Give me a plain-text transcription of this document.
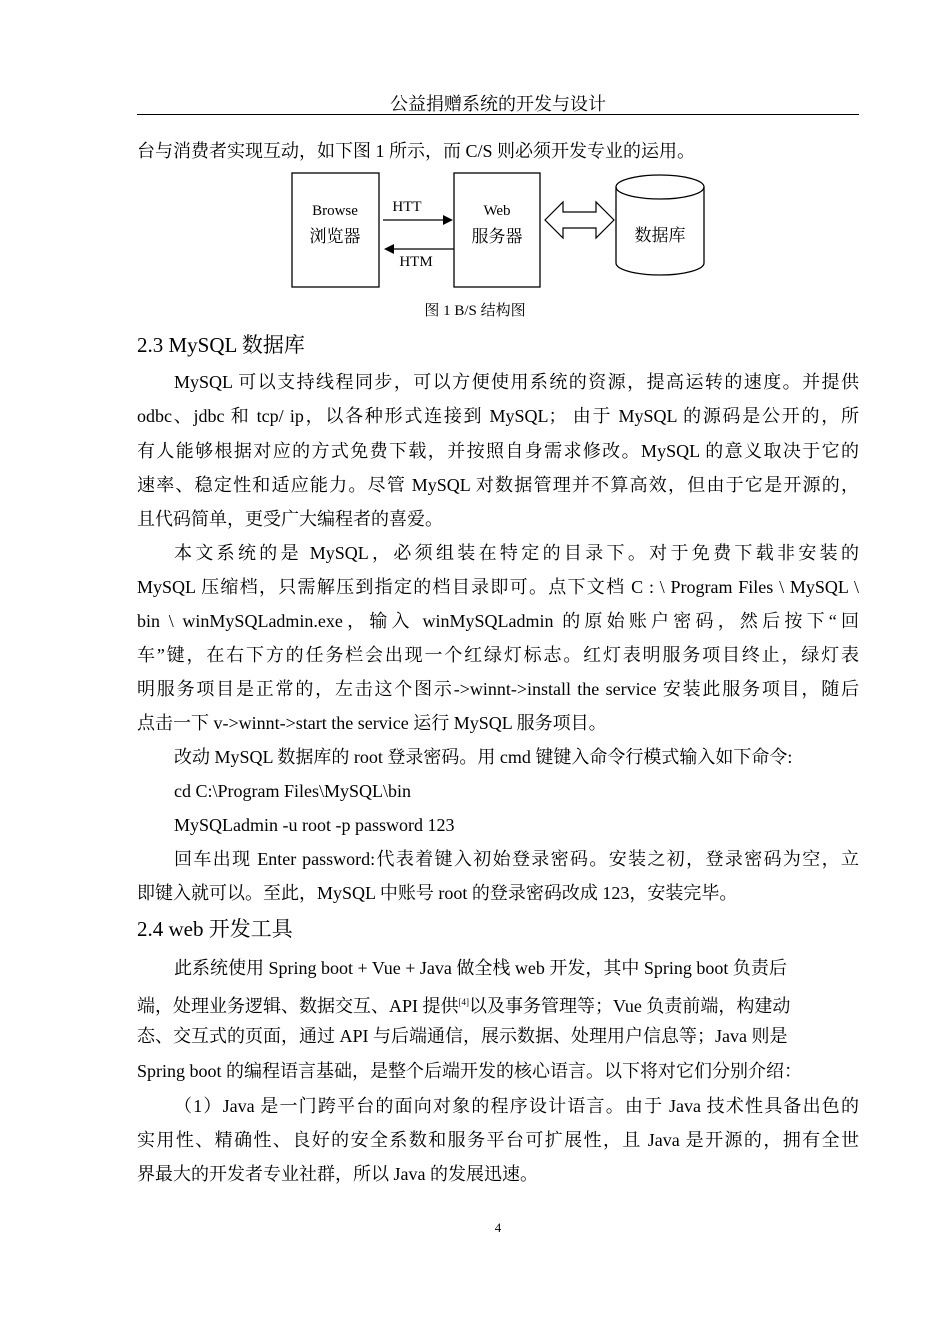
公益捐赠系统的开发与设计
台与消费者实现互动，如下图 1 所示，而 C/S 则必须开发专业的运用。
Browse
浏览器
HTT
HTM
Web
服务器	数据库
图 1 B/S 结构图
2.3 MySQL 数据库
MySQL 可以支持线程同步，可以方便使用系统的资源，提高运转的速度。并提供
odbc、jdbc 和 tcp/ ip，以各种形式连接到 MySQL； 由于 MySQL 的源码是公开的，所
有人能够根据对应的方式免费下载，并按照自身需求修改。MySQL 的意义取决于它的
速率、稳定性和适应能力。尽管 MySQL 对数据管理并不算高效，但由于它是开源的，
且代码简单，更受广大编程者的喜爱。
本文系统的是 MySQL，必须组装在特定的目录下。对于免费下载非安装的
MySQL 压缩档，只需解压到指定的档目录即可。点下文档 C : \ Program Files \ MySQL \
bin \ winMySQLadmin.exe，输入 winMySQLadmin 的原始账户密码，然后按下“回
车”键，在右下方的任务栏会出现一个红绿灯标志。红灯表明服务项目终止，绿灯表
明服务项目是正常的，左击这个图示->winnt->install the service 安装此服务项目，随后
点击一下 v->winnt->start the service 运行 MySQL 服务项目。
改动 MySQL 数据库的 root 登录密码。用 cmd 键键入命令行模式输入如下命令:
cd C:\Program Files\MySQL\bin
MySQLadmin -u root -p password 123
回车出现 Enter password:代表着键入初始登录密码。安装之初，登录密码为空，立
即键入就可以。至此，MySQL 中账号 root 的登录密码改成 123，安装完毕。
2.4 web 开发工具
此系统使用 Spring boot + Vue + Java 做全栈 web 开发，其中 Spring boot 负责后
端，处理业务逻辑、数据交互、API 提供[4]以及事务管理等；Vue 负责前端，构建动
态、交互式的页面，通过 API 与后端通信，展示数据、处理用户信息等；Java 则是
Spring boot 的编程语言基础，是整个后端开发的核心语言。以下将对它们分别介绍：
（1）Java 是一门跨平台的面向对象的程序设计语言。由于 Java 技术性具备出色的
实用性、精确性、良好的安全系数和服务平台可扩展性，且 Java 是开源的，拥有全世
界最大的开发者专业社群，所以 Java 的发展迅速。
4
